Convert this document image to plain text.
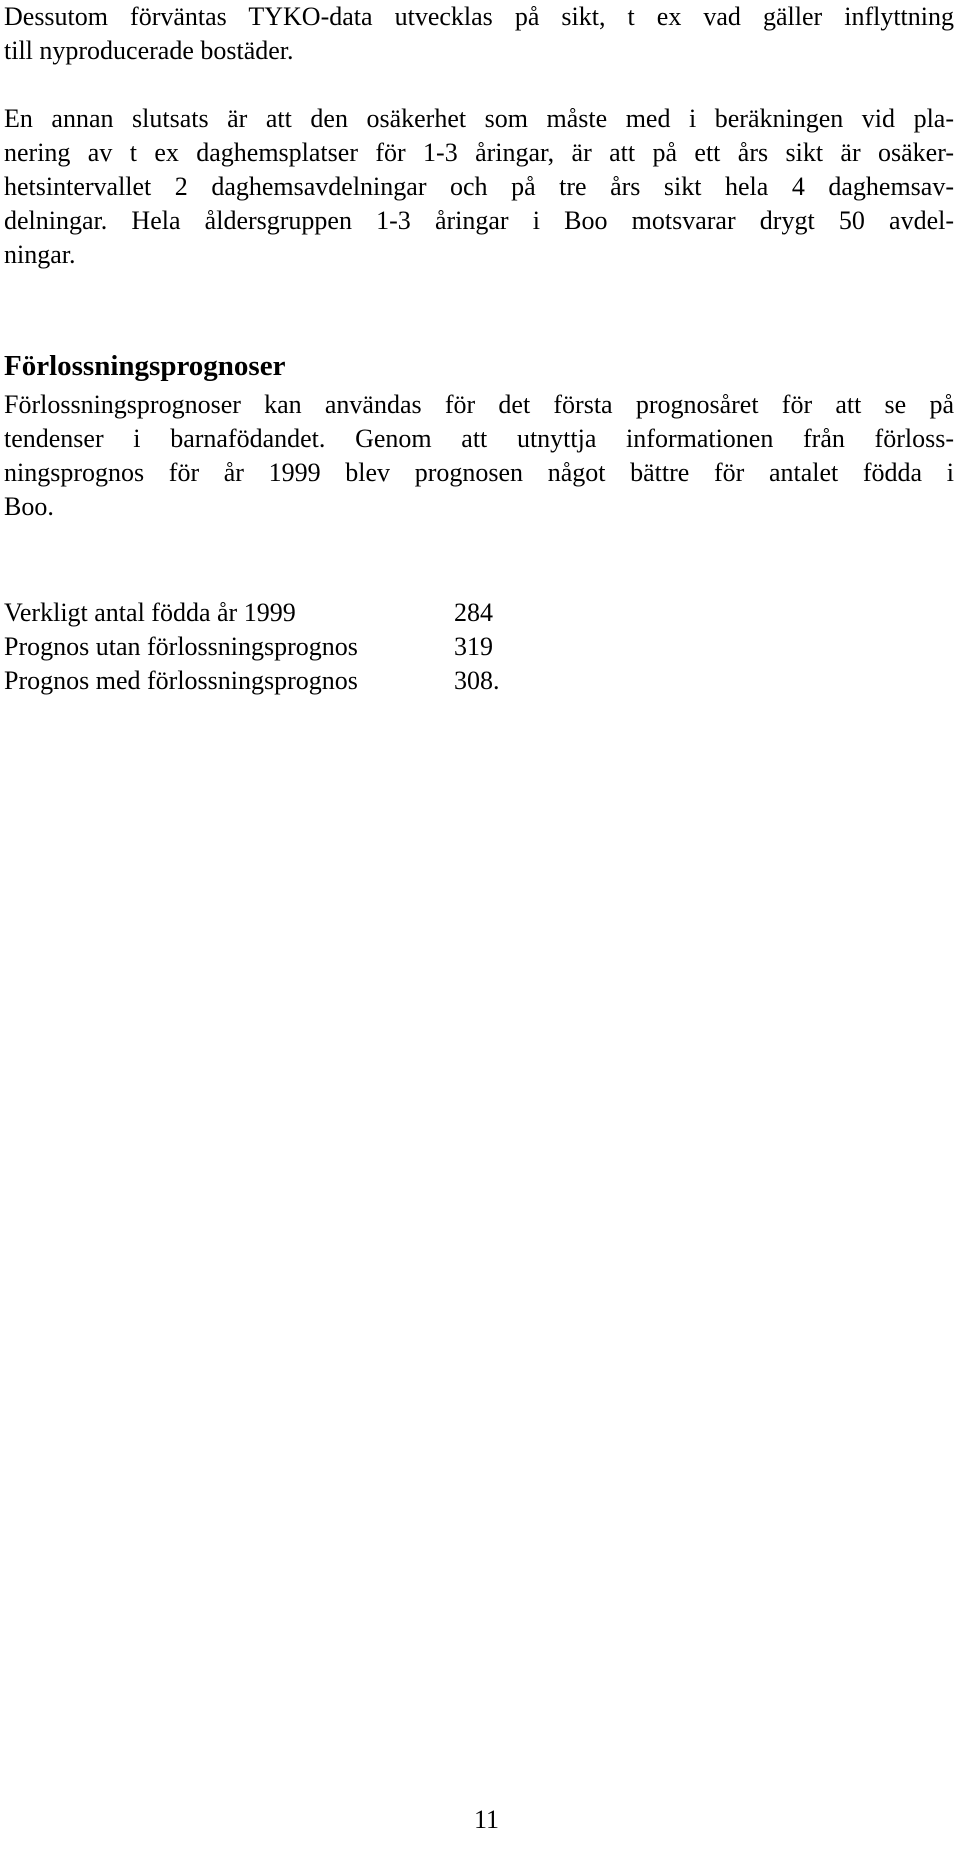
Dessutom förväntas TYKO-data utvecklas på sikt, t ex vad gäller inflyttning
till nyproducerade bostäder.

En annan slutsats är att den osäkerhet som måste med i beräkningen vid pla-
nering av t ex daghemsplatser för 1-3 åringar, är att på ett års sikt är osäker-
hetsintervallet 2 daghemsavdelningar och på tre års sikt hela 4 daghemsav-
delningar. Hela åldersgruppen 1-3 åringar i Boo motsvarar drygt 50 avdel-
ningar.

Förlossningsprognoser

Förlossningsprognoser kan användas för det första prognosåret för att se på
tendenser i barnafödandet. Genom att utnyttja informationen från förloss-
ningsprognos för år 1999 blev prognosen något bättre för antalet födda i
Boo.

Verkligt antal födda år 1999	284
Prognos utan förlossningsprognos	319
Prognos med förlossningsprognos	308.
11
